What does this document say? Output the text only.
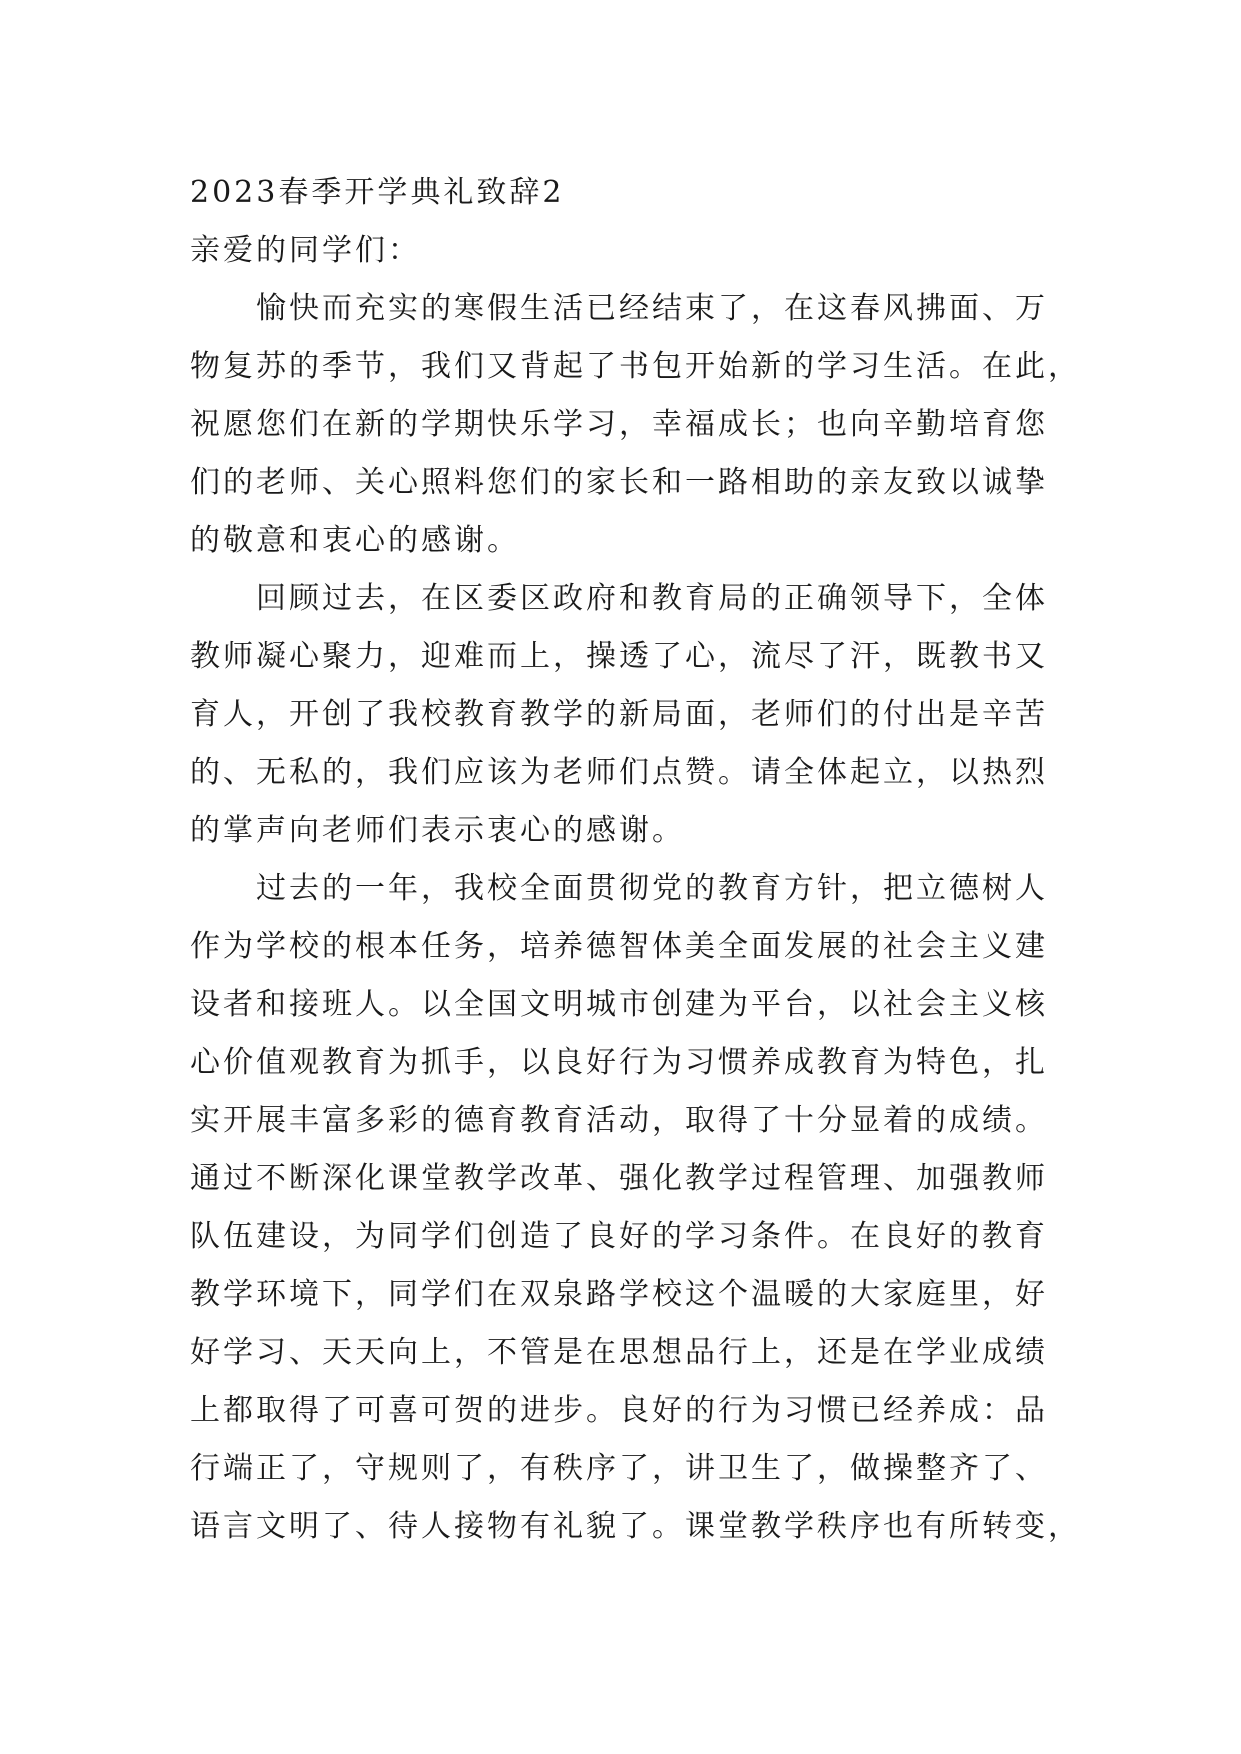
2023春季开学典礼致辞2
亲爱的同学们：
愉快而充实的寒假生活已经结束了，在这春风拂面、万
物复苏的季节，我们又背起了书包开始新的学习生活。在此，
祝愿您们在新的学期快乐学习，幸福成长；也向辛勤培育您
们的老师、关心照料您们的家长和一路相助的亲友致以诚挚
的敬意和衷心的感谢。
回顾过去，在区委区政府和教育局的正确领导下，全体
教师凝心聚力，迎难而上，操透了心，流尽了汗，既教书又
育人，开创了我校教育教学的新局面，老师们的付出是辛苦
的、无私的，我们应该为老师们点赞。请全体起立，以热烈
的掌声向老师们表示衷心的感谢。
过去的一年，我校全面贯彻党的教育方针，把立德树人
作为学校的根本任务，培养德智体美全面发展的社会主义建
设者和接班人。以全国文明城市创建为平台，以社会主义核
心价值观教育为抓手，以良好行为习惯养成教育为特色，扎
实开展丰富多彩的德育教育活动，取得了十分显着的成绩。
通过不断深化课堂教学改革、强化教学过程管理、加强教师
队伍建设，为同学们创造了良好的学习条件。在良好的教育
教学环境下，同学们在双泉路学校这个温暖的大家庭里，好
好学习、天天向上，不管是在思想品行上，还是在学业成绩
上都取得了可喜可贺的进步。良好的行为习惯已经养成：品
行端正了，守规则了，有秩序了，讲卫生了，做操整齐了、
语言文明了、待人接物有礼貌了。课堂教学秩序也有所转变，
